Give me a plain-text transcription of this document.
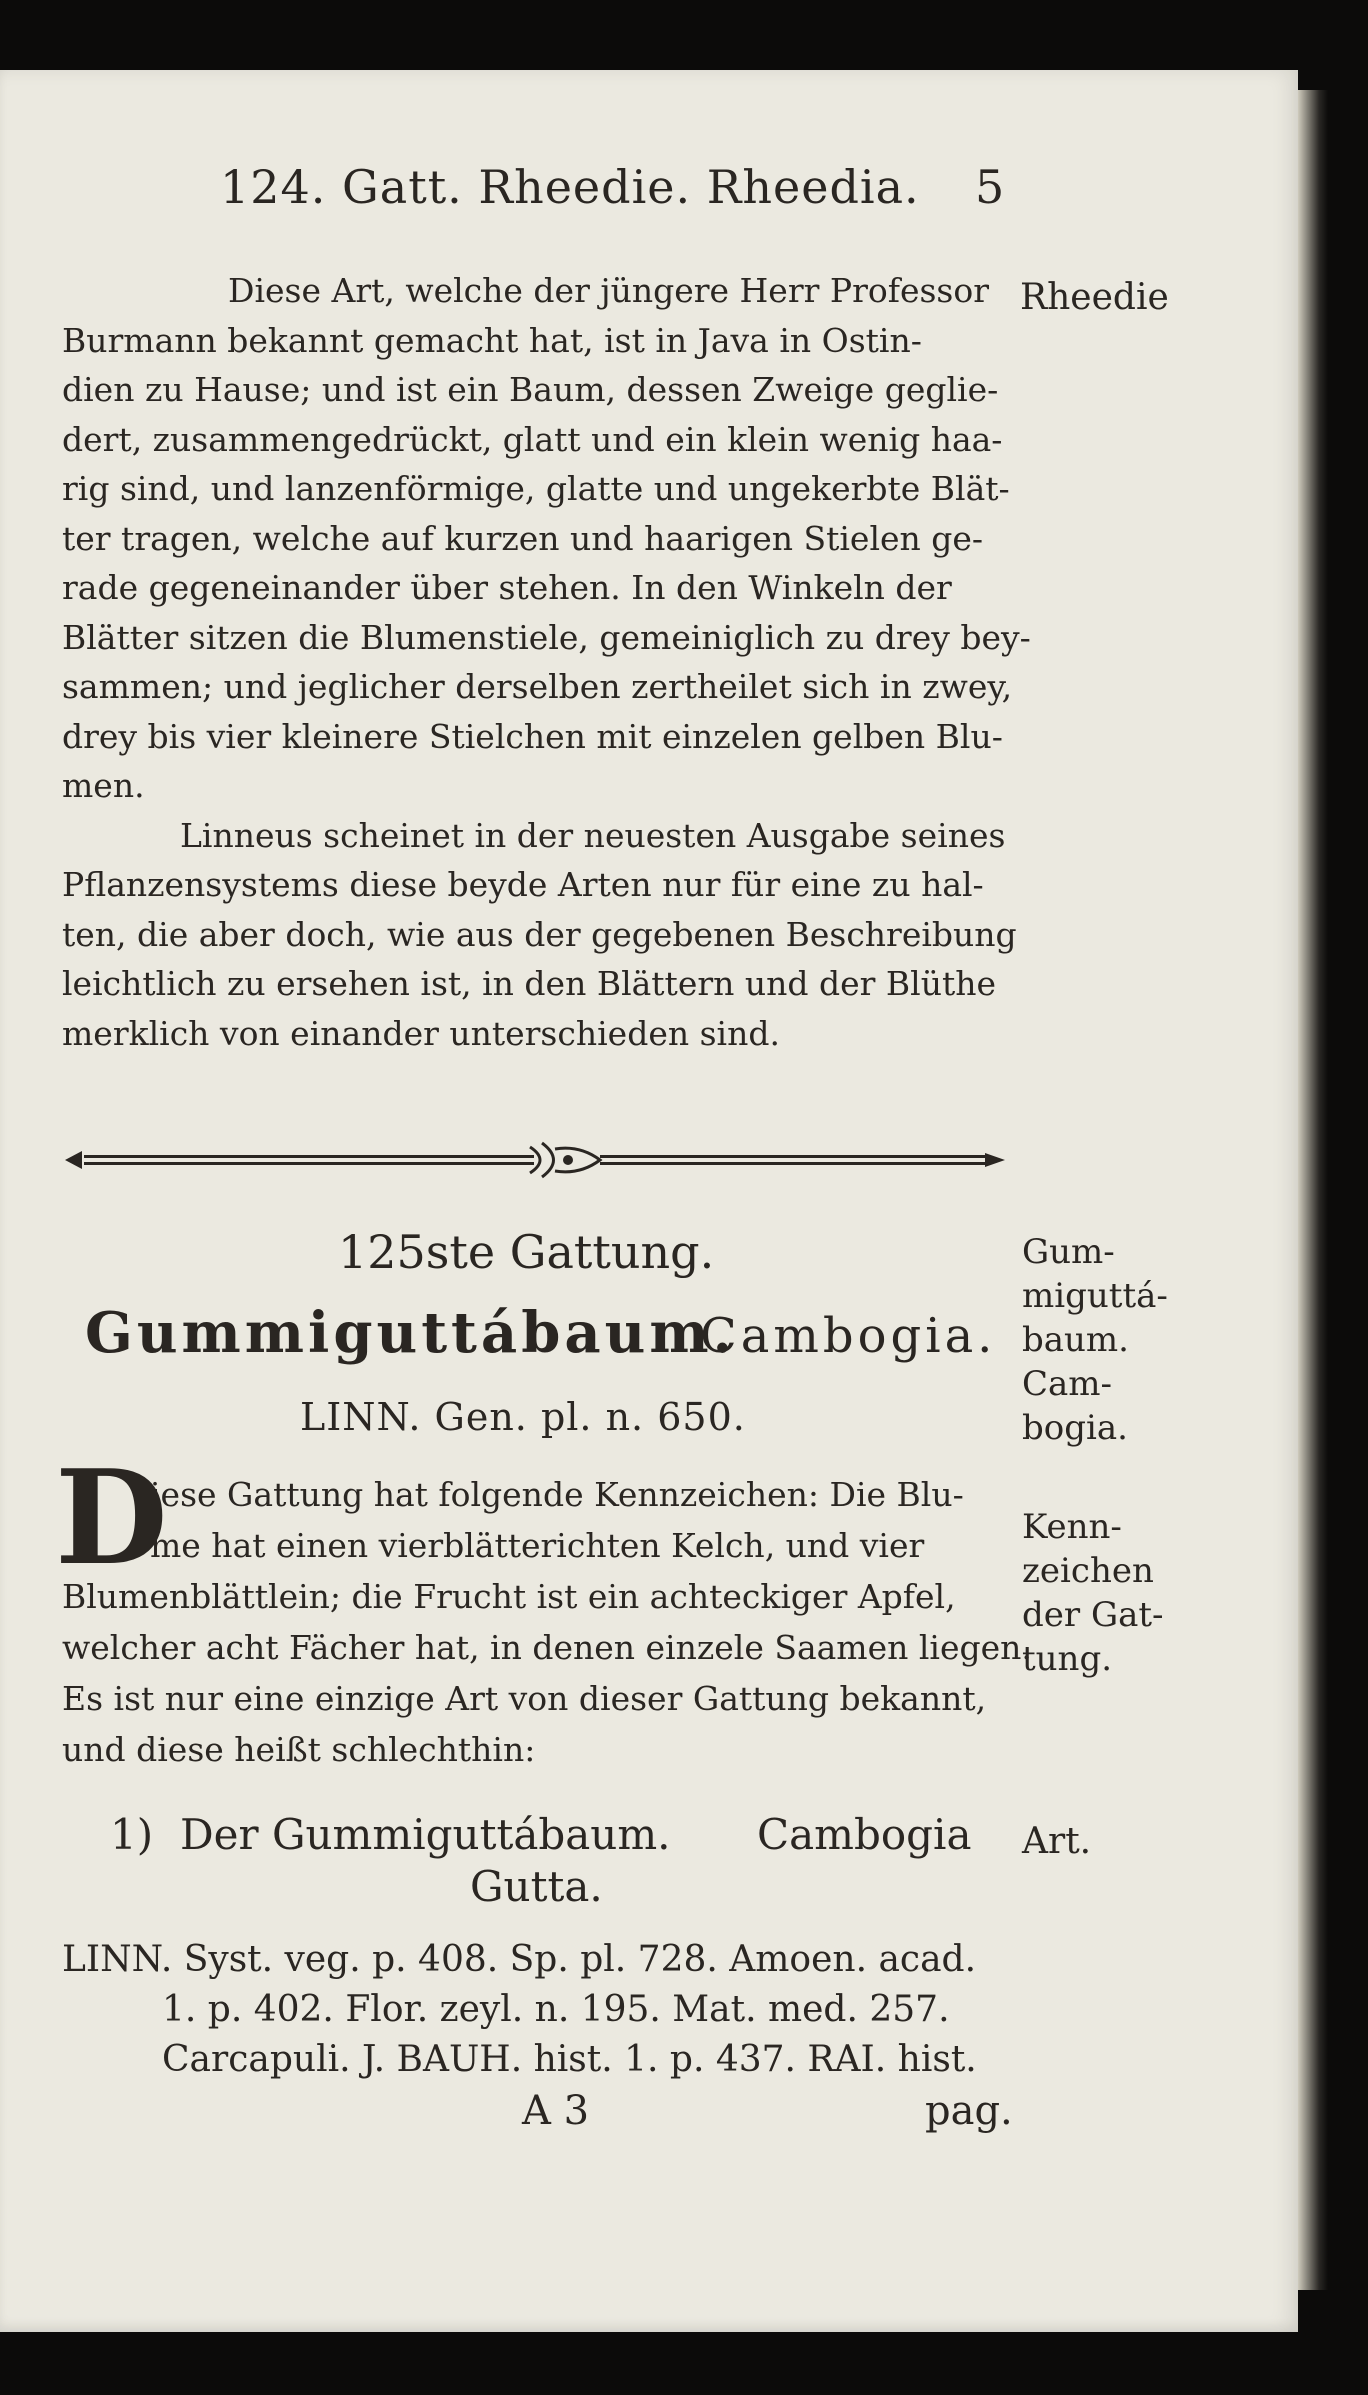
124. Gatt. Rheedie. Rheedia. 5
Rheedie
Gum-
miguttá-
baum.
Cam-
bogia.
Kenn-
zeichen
der Gat-
tung.
Art.
Diese Art, welche der jüngere Herr Professor
Burmann bekannt gemacht hat, ist in Java in Ostin-
dien zu Hause; und ist ein Baum, dessen Zweige geglie-
dert, zusammengedrückt, glatt und ein klein wenig haa-
rig sind, und lanzenförmige, glatte und ungekerbte Blät-
ter tragen, welche auf kurzen und haarigen Stielen ge-
rade gegeneinander über stehen. In den Winkeln der
Blätter sitzen die Blumenstiele, gemeiniglich zu drey bey-
sammen; und jeglicher derselben zertheilet sich in zwey,
drey bis vier kleinere Stielchen mit einzelen gelben Blu-
men.
Linneus scheinet in der neuesten Ausgabe seines
Pflanzensystems diese beyde Arten nur für eine zu hal-
ten, die aber doch, wie aus der gegebenen Beschreibung
leichtlich zu ersehen ist, in den Blättern und der Blüthe
merklich von einander unterschieden sind.
125ste Gattung.
Gummiguttábaum.
Cambogia.
LINN. Gen. pl. n. 650.
D
iese Gattung hat folgende Kennzeichen: Die Blu-
me hat einen vierblätterichten Kelch, und vier
Blumenblättlein; die Frucht ist ein achteckiger Apfel,
welcher acht Fächer hat, in denen einzele Saamen liegen.
Es ist nur eine einzige Art von dieser Gattung bekannt,
und diese heißt schlechthin:
1) Der Gummiguttábaum. Cambogia
Gutta.
LINN. Syst. veg. p. 408. Sp. pl. 728. Amoen. acad.
1. p. 402. Flor. zeyl. n. 195. Mat. med. 257.
Carcapuli. J. BAUH. hist. 1. p. 437. RAI. hist.
A 3	pag.
